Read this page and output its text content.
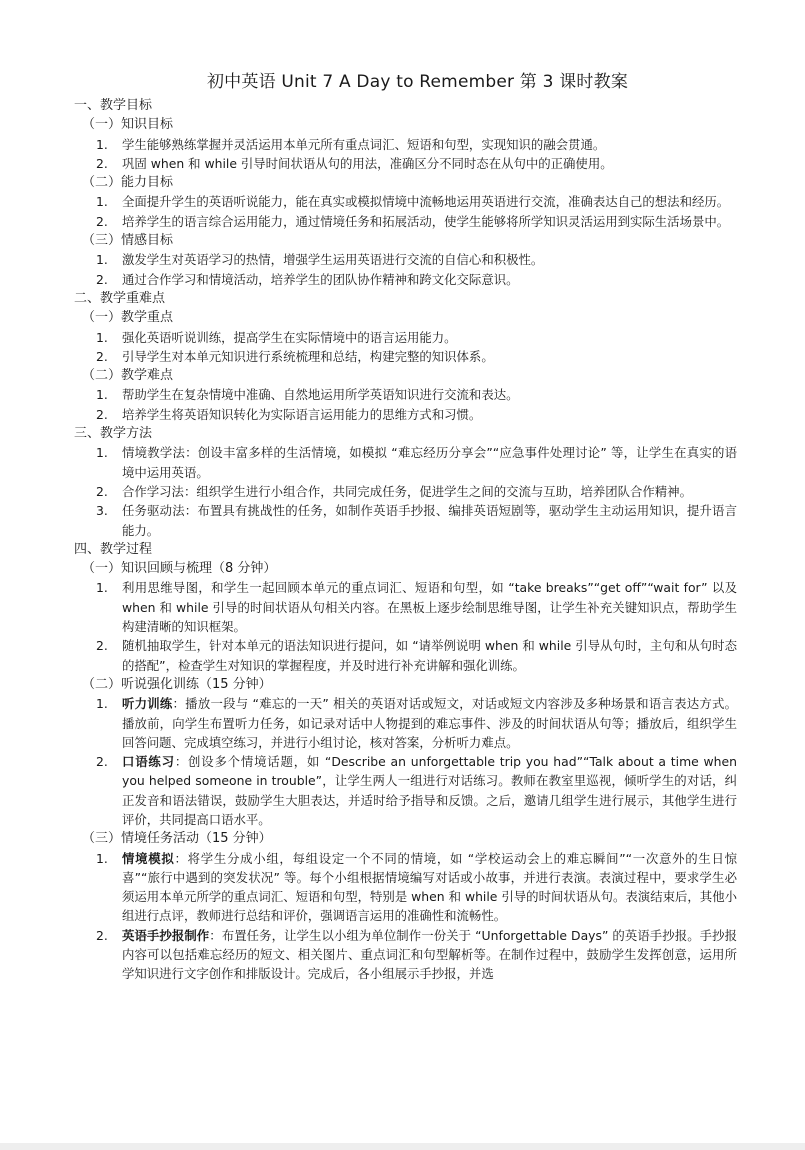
初中英语 Unit 7 A Day to Remember 第 3 课时教案
一、教学目标
（一）知识目标
1. 学生能够熟练掌握并灵活运用本单元所有重点词汇、短语和句型，实现知识的融会贯通。
2. 巩固 when 和 while 引导时间状语从句的用法，准确区分不同时态在从句中的正确使用。
（二）能力目标
1. 全面提升学生的英语听说能力，能在真实或模拟情境中流畅地运用英语进行交流，准确表达自己的想法和经历。
2. 培养学生的语言综合运用能力，通过情境任务和拓展活动，使学生能够将所学知识灵活运用到实际生活场景中。
（三）情感目标
1. 激发学生对英语学习的热情，增强学生运用英语进行交流的自信心和积极性。
2. 通过合作学习和情境活动，培养学生的团队协作精神和跨文化交际意识。
二、教学重难点
（一）教学重点
1. 强化英语听说训练，提高学生在实际情境中的语言运用能力。
2. 引导学生对本单元知识进行系统梳理和总结，构建完整的知识体系。
（二）教学难点
1. 帮助学生在复杂情境中准确、自然地运用所学英语知识进行交流和表达。
2. 培养学生将英语知识转化为实际语言运用能力的思维方式和习惯。
三、教学方法
1. 情境教学法：创设丰富多样的生活情境，如模拟 “难忘经历分享会”“应急事件处理讨论” 等，让学生在真实的语境中运用英语。
2. 合作学习法：组织学生进行小组合作，共同完成任务，促进学生之间的交流与互助，培养团队合作精神。
3. 任务驱动法：布置具有挑战性的任务，如制作英语手抄报、编排英语短剧等，驱动学生主动运用知识，提升语言能力。
四、教学过程
（一）知识回顾与梳理（8 分钟）
1. 利用思维导图，和学生一起回顾本单元的重点词汇、短语和句型，如 “take breaks”“get off”“wait for” 以及 when 和 while 引导的时间状语从句相关内容。在黑板上逐步绘制思维导图，让学生补充关键知识点，帮助学生构建清晰的知识框架。
2. 随机抽取学生，针对本单元的语法知识进行提问，如 “请举例说明 when 和 while 引导从句时，主句和从句时态的搭配”，检查学生对知识的掌握程度，并及时进行补充讲解和强化训练。
（二）听说强化训练（15 分钟）
1. 听力训练：播放一段与 “难忘的一天” 相关的英语对话或短文，对话或短文内容涉及多种场景和语言表达方式。播放前，向学生布置听力任务，如记录对话中人物提到的难忘事件、涉及的时间状语从句等；播放后，组织学生回答问题、完成填空练习，并进行小组讨论，核对答案，分析听力难点。
2. 口语练习：创设多个情境话题，如 “Describe an unforgettable trip you had”“Talk about a time when you helped someone in trouble”，让学生两人一组进行对话练习。教师在教室里巡视，倾听学生的对话，纠正发音和语法错误，鼓励学生大胆表达，并适时给予指导和反馈。之后，邀请几组学生进行展示，其他学生进行评价，共同提高口语水平。
（三）情境任务活动（15 分钟）
1. 情境模拟：将学生分成小组，每组设定一个不同的情境，如 “学校运动会上的难忘瞬间”“一次意外的生日惊喜”“旅行中遇到的突发状况” 等。每个小组根据情境编写对话或小故事，并进行表演。表演过程中，要求学生必须运用本单元所学的重点词汇、短语和句型，特别是 when 和 while 引导的时间状语从句。表演结束后，其他小组进行点评，教师进行总结和评价，强调语言运用的准确性和流畅性。
2. 英语手抄报制作：布置任务，让学生以小组为单位制作一份关于 “Unforgettable Days” 的英语手抄报。手抄报内容可以包括难忘经历的短文、相关图片、重点词汇和句型解析等。在制作过程中，鼓励学生发挥创意，运用所学知识进行文字创作和排版设计。完成后，各小组展示手抄报，并选
